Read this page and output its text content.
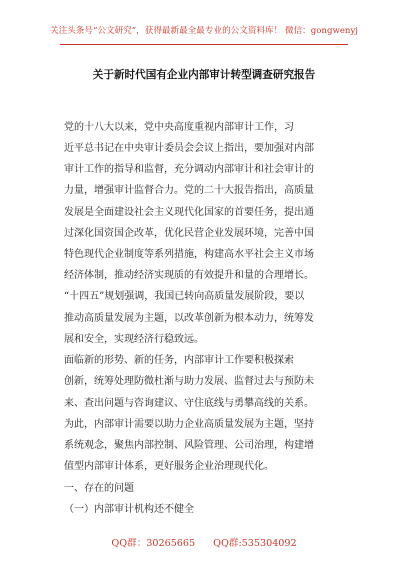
关注头条号“公文研究”，获得最新最全最专业的公文资料库！ 微信：gongwenyj
关于新时代国有企业内部审计转型调查研究报告
党的十八大以来，党中央高度重视内部审计工作，习
近平总书记在中央审计委员会会议上指出，要加强对内部
审计工作的指导和监督，充分调动内部审计和社会审计的
力量，增强审计监督合力。党的二十大报告指出，高质量
发展是全面建设社会主义现代化国家的首要任务，提出通
过深化国资国企改革，优化民营企业发展环境，完善中国
特色现代企业制度等系列措施，构建高水平社会主义市场
经济体制，推动经济实现质的有效提升和量的合理增长。
“十四五”规划强调，我国已转向高质量发展阶段，要以
推动高质量发展为主题，以改革创新为根本动力，统筹发
展和安全，实现经济行稳致远。
面临新的形势、新的任务，内部审计工作要积极探索
创新，统筹处理防微杜渐与助力发展、监督过去与预防未
来、查出问题与咨询建议、守住底线与勇攀高线的关系。
为此，内部审计需要以助力企业高质量发展为主题，坚持
系统观念，聚焦内部控制、风险管理、公司治理，构建增
值型内部审计体系，更好服务企业治理现代化。
一、存在的问题
（一）内部审计机构还不健全
QQ群：30265665 QQ群:535304092
